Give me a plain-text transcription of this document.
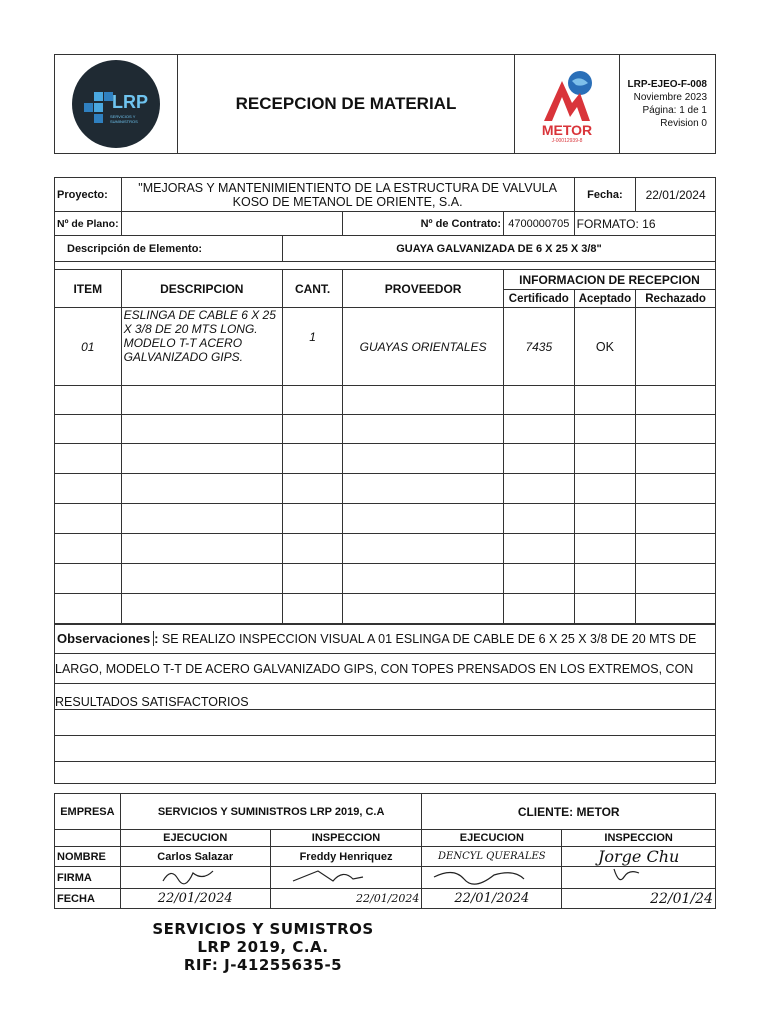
LRP
SERVICIOS Y SUMINISTROS
	RECEPCION DE MATERIAL	
METOR
J-00012939-8

LRP-EJEO-F-008
Noviembre 2023
Página: 1 de 1
Revision 0
Proyecto:	"MEJORAS Y MANTENIMIENTIENTO DE LA ESTRUCTURA DE VALVULA KOSO DE METANOL DE ORIENTE, S.A.				Fecha:	22/01/2024
Nº de Plano:			Nº de Contrato:	4700000705	FORMATO: 16	
Descripción de Elemento:		GUAYA GALVANIZADA DE 6 X 25 X 3/8"				

ITEM	DESCRIPCION	CANT.	PROVEEDOR	INFORMACION DE RECEPCION		
				Certificado	Aceptado	Rechazado
01	ESLINGA DE CABLE 6 X 25 X 3/8 DE 20 MTS LONG. MODELO T-T ACERO GALVANIZADO GIPS.	1	GUAYAS ORIENTALES	7435	OK	

Observaciones : SE REALIZO INSPECCION VISUAL A 01 ESLINGA DE CABLE DE 6 X 25 X 3/8 DE 20 MTS DE						
LARGO, MODELO T-T DE ACERO GALVANIZADO GIPS, CON TOPES PRENSADOS EN LOS EXTREMOS, CON						
RESULTADOS SATISFACTORIOS						

EMPRESA	SERVICIOS Y SUMINISTROS LRP 2019, C.A		CLIENTE: METOR	

	EJECUCION	INSPECCION	EJECUCION	INSPECCION
NOMBRE	Carlos Salazar	Freddy Henriquez	DENCYL QUERALES	Jorge Chu
FIRMA				
FECHA	22/01/2024	22/01/2024	22/01/2024	22/01/24
SERVICIOS Y SUMISTROS
LRP 2019, C.A.
RIF: J-41255635-5
